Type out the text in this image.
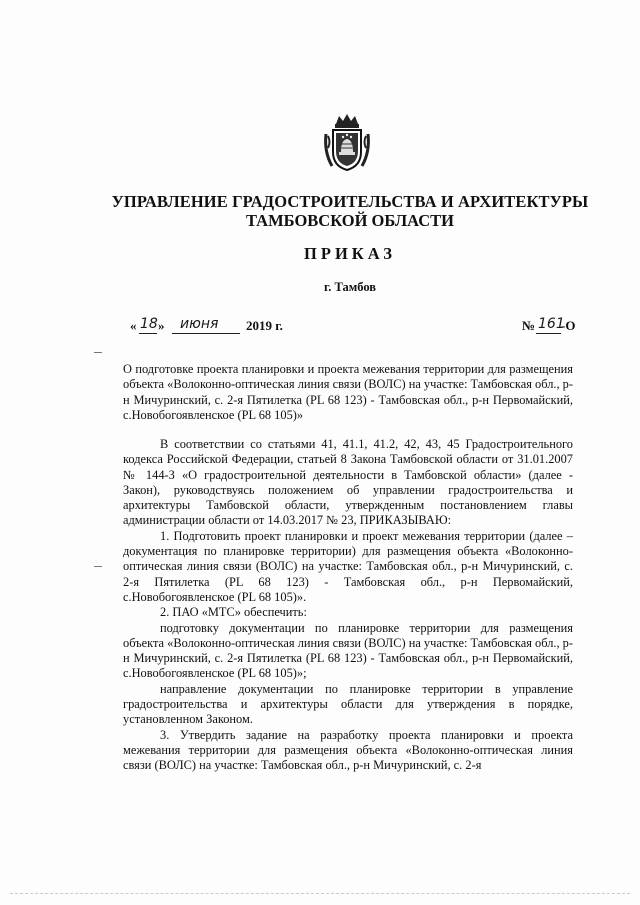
УПРАВЛЕНИЕ ГРАДОСТРОИТЕЛЬСТВА И АРХИТЕКТУРЫ
ТАМБОВСКОЙ ОБЛАСТИ
ПРИКАЗ
г. Тамбов
« 18 » июня 2019 г.	№ 161
-О

О подготовке проекта планировки и проекта межевания территории для размещения объекта «Волоконно-оптическая линия связи (ВОЛС) на участке: Тамбовская обл., р-н Мичуринский, с. 2-я Пятилетка (PL 68 123) - Тамбовская обл., р-н Первомайский, с.Новобогоявленское (PL 68 105)»

В соответствии со статьями 41, 41.1, 41.2, 42, 43, 45 Градостроительного кодекса Российской Федерации, статьей 8 Закона Тамбовской области от 31.01.2007 № 144-З «О градостроительной деятельности в Тамбовской области» (далее - Закон), руководствуясь положением об управлении градостроительства и архитектуры Тамбовской области, утвержденным постановлением главы администрации области от 14.03.2017 № 23, ПРИКАЗЫВАЮ:

1. Подготовить проект планировки и проект межевания территории (далее – документация по планировке территории) для размещения объекта «Волоконно-оптическая линия связи (ВОЛС) на участке: Тамбовская обл., р-н Мичуринский, с. 2-я Пятилетка (PL 68 123) - Тамбовская обл., р-н Первомайский, с.Новобогоявленское (PL 68 105)».

2. ПАО «МТС» обеспечить:

подготовку документации по планировке территории для размещения объекта «Волоконно-оптическая линия связи (ВОЛС) на участке: Тамбовская обл., р-н Мичуринский, с. 2-я Пятилетка (PL 68 123) - Тамбовская обл., р-н Первомайский, с.Новобогоявленское (PL 68 105)»;

направление документации по планировке территории в управление градостроительства и архитектуры области для утверждения в порядке, установленном Законом.

3. Утвердить задание на разработку проекта планировки и проекта межевания территории для размещения объекта «Волоконно-оптическая линия связи (ВОЛС) на участке: Тамбовская обл., р-н Мичуринский, с. 2-я
